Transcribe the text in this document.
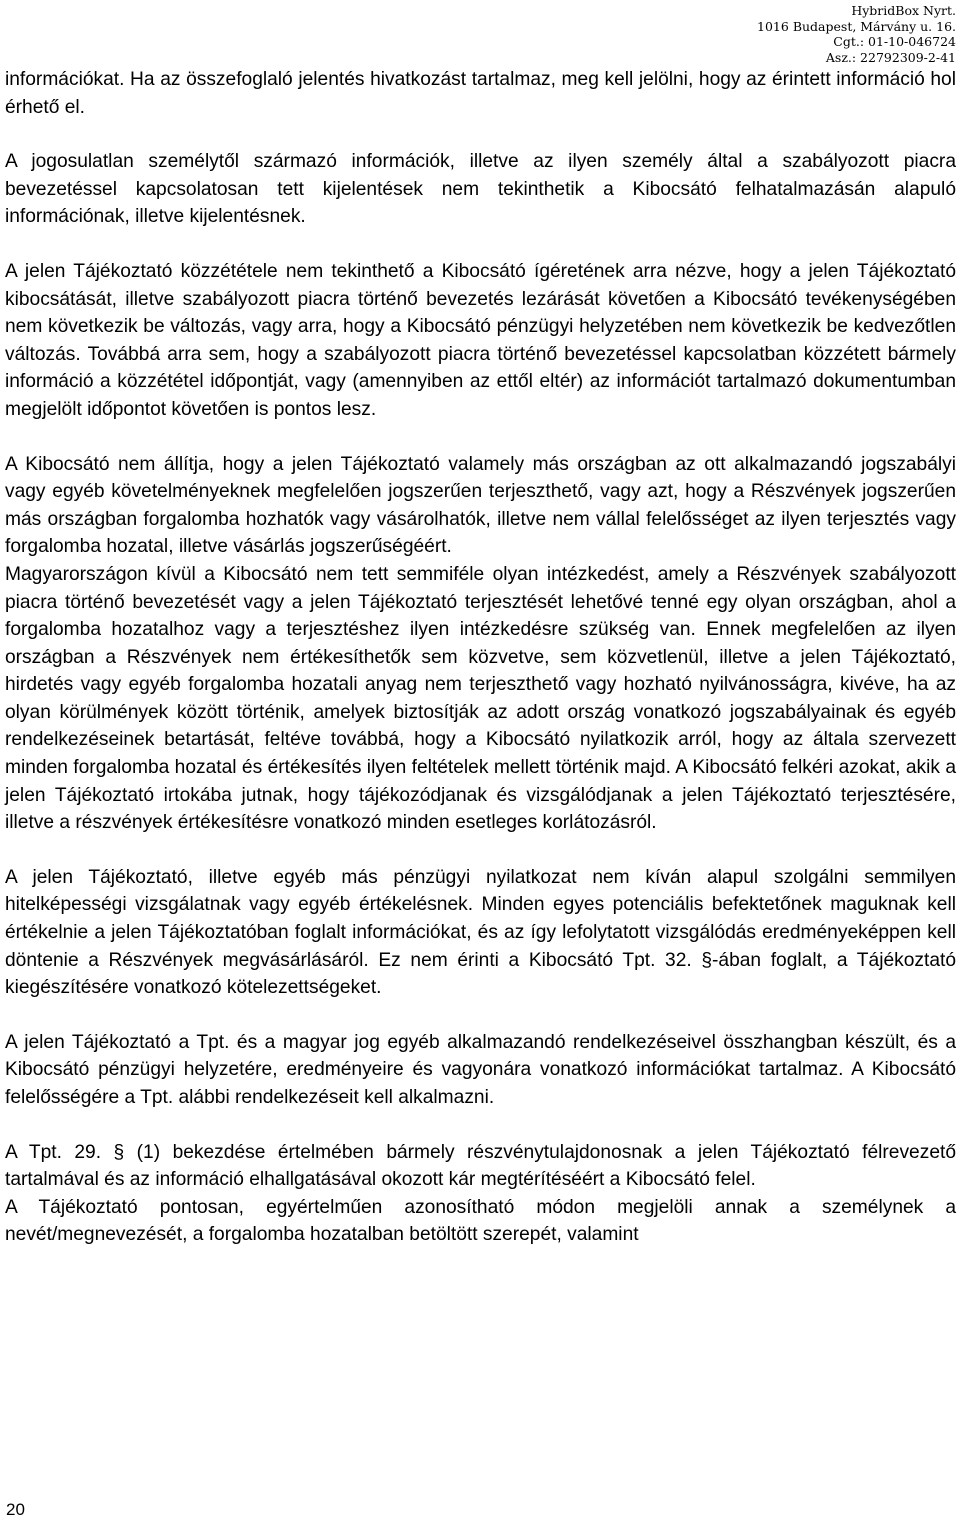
HybridBox Nyrt.
1016 Budapest, Márvány u. 16.
Cgt.: 01-10-046724
Asz.: 22792309-2-41

információkat. Ha az összefoglaló jelentés hivatkozást tartalmaz, meg kell jelölni, hogy az érintett információ hol érhető el.

A jogosulatlan személytől származó információk, illetve az ilyen személy által a szabályozott piacra bevezetéssel kapcsolatosan tett kijelentések nem tekinthetik a Kibocsátó felhatalmazásán alapuló információnak, illetve kijelentésnek.

A jelen Tájékoztató közzététele nem tekinthető a Kibocsátó ígéretének arra nézve, hogy a jelen Tájékoztató kibocsátását, illetve szabályozott piacra történő bevezetés lezárását követően a Kibocsátó tevékenységében nem következik be változás, vagy arra, hogy a Kibocsátó pénzügyi helyzetében nem következik be kedvezőtlen változás. Továbbá arra sem, hogy a szabályozott piacra történő bevezetéssel kapcsolatban közzétett bármely információ a közzététel időpontját, vagy (amennyiben az ettől eltér) az információt tartalmazó dokumentumban megjelölt időpontot követően is pontos lesz.

A Kibocsátó nem állítja, hogy a jelen Tájékoztató valamely más országban az ott alkalmazandó jogszabályi vagy egyéb követelményeknek megfelelően jogszerűen terjeszthető, vagy azt, hogy a Részvények jogszerűen más országban forgalomba hozhatók vagy vásárolhatók, illetve nem vállal felelősséget az ilyen terjesztés vagy forgalomba hozatal, illetve vásárlás jogszerűségéért.

Magyarországon kívül a Kibocsátó nem tett semmiféle olyan intézkedést, amely a Részvények szabályozott piacra történő bevezetését vagy a jelen Tájékoztató terjesztését lehetővé tenné egy olyan országban, ahol a forgalomba hozatalhoz vagy a terjesztéshez ilyen intézkedésre szükség van. Ennek megfelelően az ilyen országban a Részvények nem értékesíthetők sem közvetve, sem közvetlenül, illetve a jelen Tájékoztató, hirdetés vagy egyéb forgalomba hozatali anyag nem terjeszthető vagy hozható nyilvánosságra, kivéve, ha az olyan körülmények között történik, amelyek biztosítják az adott ország vonatkozó jogszabályainak és egyéb rendelkezéseinek betartását, feltéve továbbá, hogy a Kibocsátó nyilatkozik arról, hogy az általa szervezett minden forgalomba hozatal és értékesítés ilyen feltételek mellett történik majd. A Kibocsátó felkéri azokat, akik a jelen Tájékoztató irtokába jutnak, hogy tájékozódjanak és vizsgálódjanak a jelen Tájékoztató terjesztésére, illetve a részvények értékesítésre vonatkozó minden esetleges korlátozásról.

A jelen Tájékoztató, illetve egyéb más pénzügyi nyilatkozat nem kíván alapul szolgálni semmilyen hitelképességi vizsgálatnak vagy egyéb értékelésnek. Minden egyes potenciális befektetőnek maguknak kell értékelnie a jelen Tájékoztatóban foglalt információkat, és az így lefolytatott vizsgálódás eredményeképpen kell döntenie a Részvények megvásárlásáról. Ez nem érinti a Kibocsátó Tpt. 32. §-ában foglalt, a Tájékoztató kiegészítésére vonatkozó kötelezettségeket.

A jelen Tájékoztató a Tpt. és a magyar jog egyéb alkalmazandó rendelkezéseivel összhangban készült, és a Kibocsátó pénzügyi helyzetére, eredményeire és vagyonára vonatkozó információkat tartalmaz. A Kibocsátó felelősségére a Tpt. alábbi rendelkezéseit kell alkalmazni.

A Tpt. 29. § (1) bekezdése értelmében bármely részvénytulajdonosnak a jelen Tájékoztató félrevezető tartalmával és az információ elhallgatásával okozott kár megtérítéséért a Kibocsátó felel.

A Tájékoztató pontosan, egyértelműen azonosítható módon megjelöli annak a személynek a nevét/megnevezését, a forgalomba hozatalban betöltött szerepét, valamint

20
